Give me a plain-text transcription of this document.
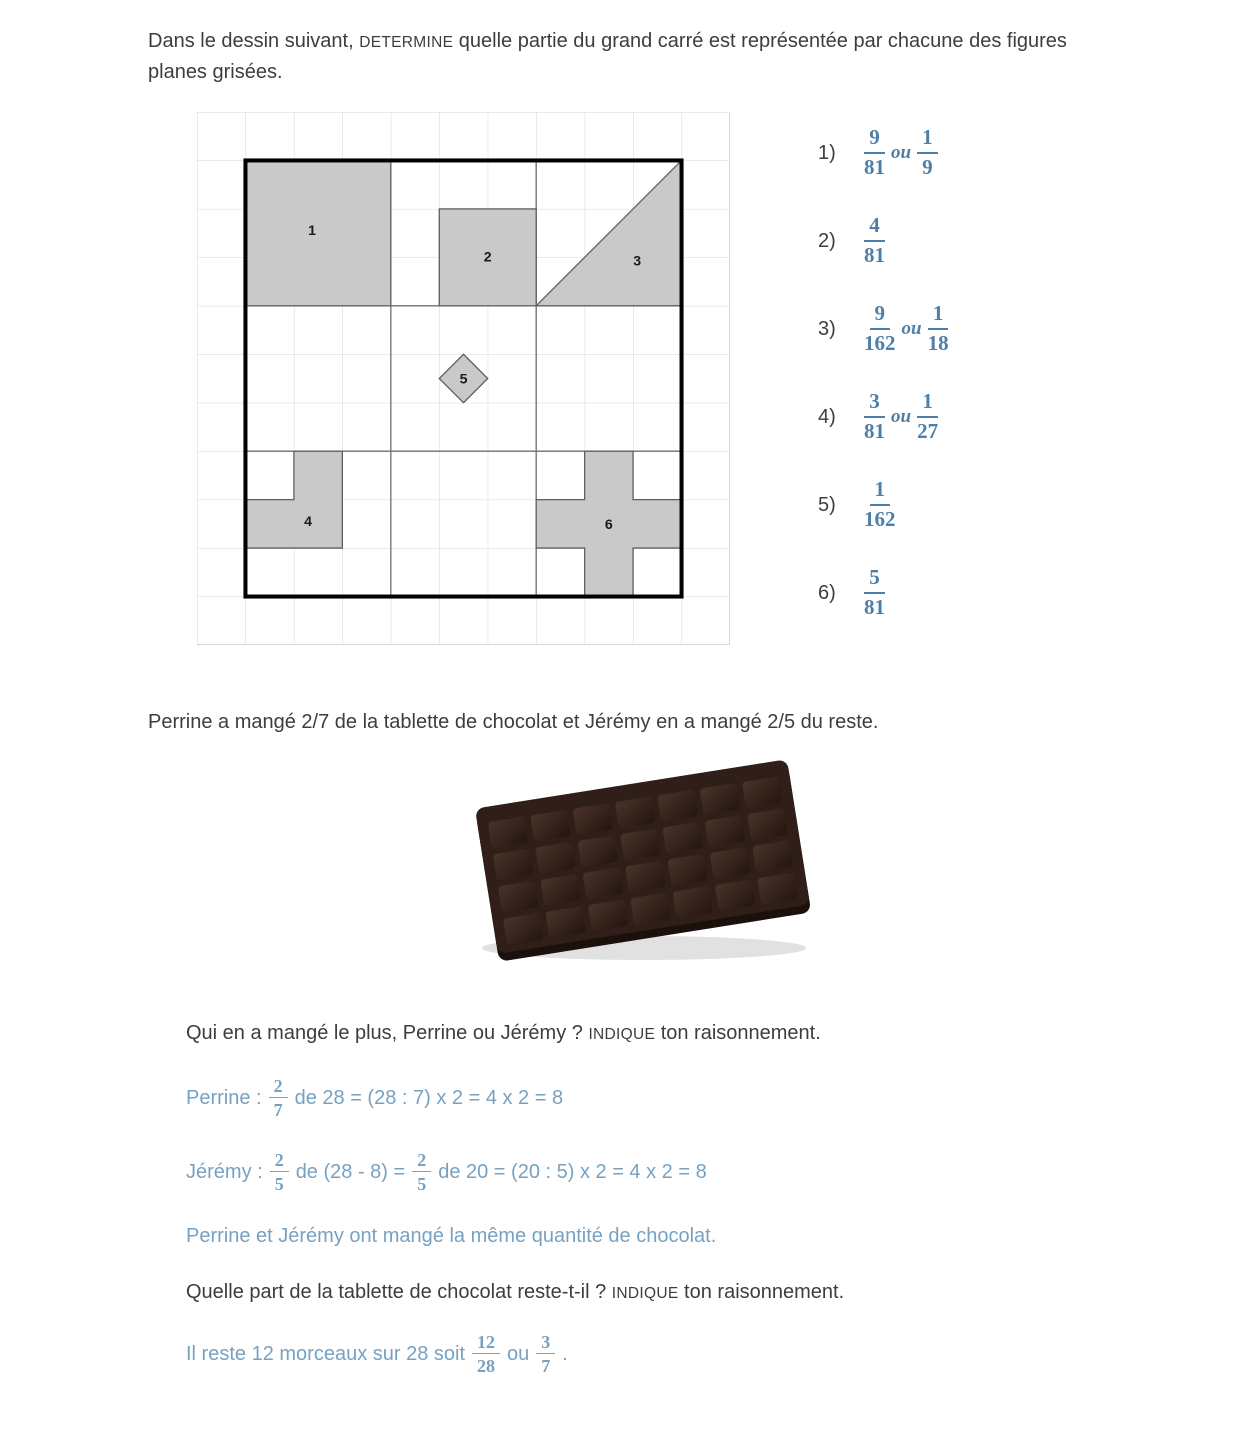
Dans le dessin suivant, DETERMINE quelle partie du grand carré est représentée par chacune des figures planes grisées.

1
2	3
4
5
6
1)	$\frac{9}{81}$ ou $\frac{1}{9}$
2)	$\frac{4}{81}$
3)	$\frac{9}{162}$ ou $\frac{1}{18}$
4)	$\frac{3}{81}$ ou $\frac{1}{27}$
5)	$\frac{1}{162}$
6)	$\frac{5}{81}$

Perrine a mangé 2/7 de la tablette de chocolat et Jérémy en a mangé 2/5 du reste.

Qui en a mangé le plus, Perrine ou Jérémy ? INDIQUE ton raisonnement.

Perrine : $\frac{2}{7}$ de 28 = (28 : 7) x 2 = 4 x 2 = 8
Jérémy : $\frac{2}{5}$ de $(28 - 8) = \frac{2}{5}$ de 20 = (20 : 5) x 2 = 4 x 2 = 8
Perrine et Jérémy ont mangé la même quantité de chocolat.

Quelle part de la tablette de chocolat reste-t-il ? INDIQUE ton raisonnement.

Il reste 12 morceaux sur 28 soit $\frac{12}{28}$ ou $\frac{3}{7}$ .
